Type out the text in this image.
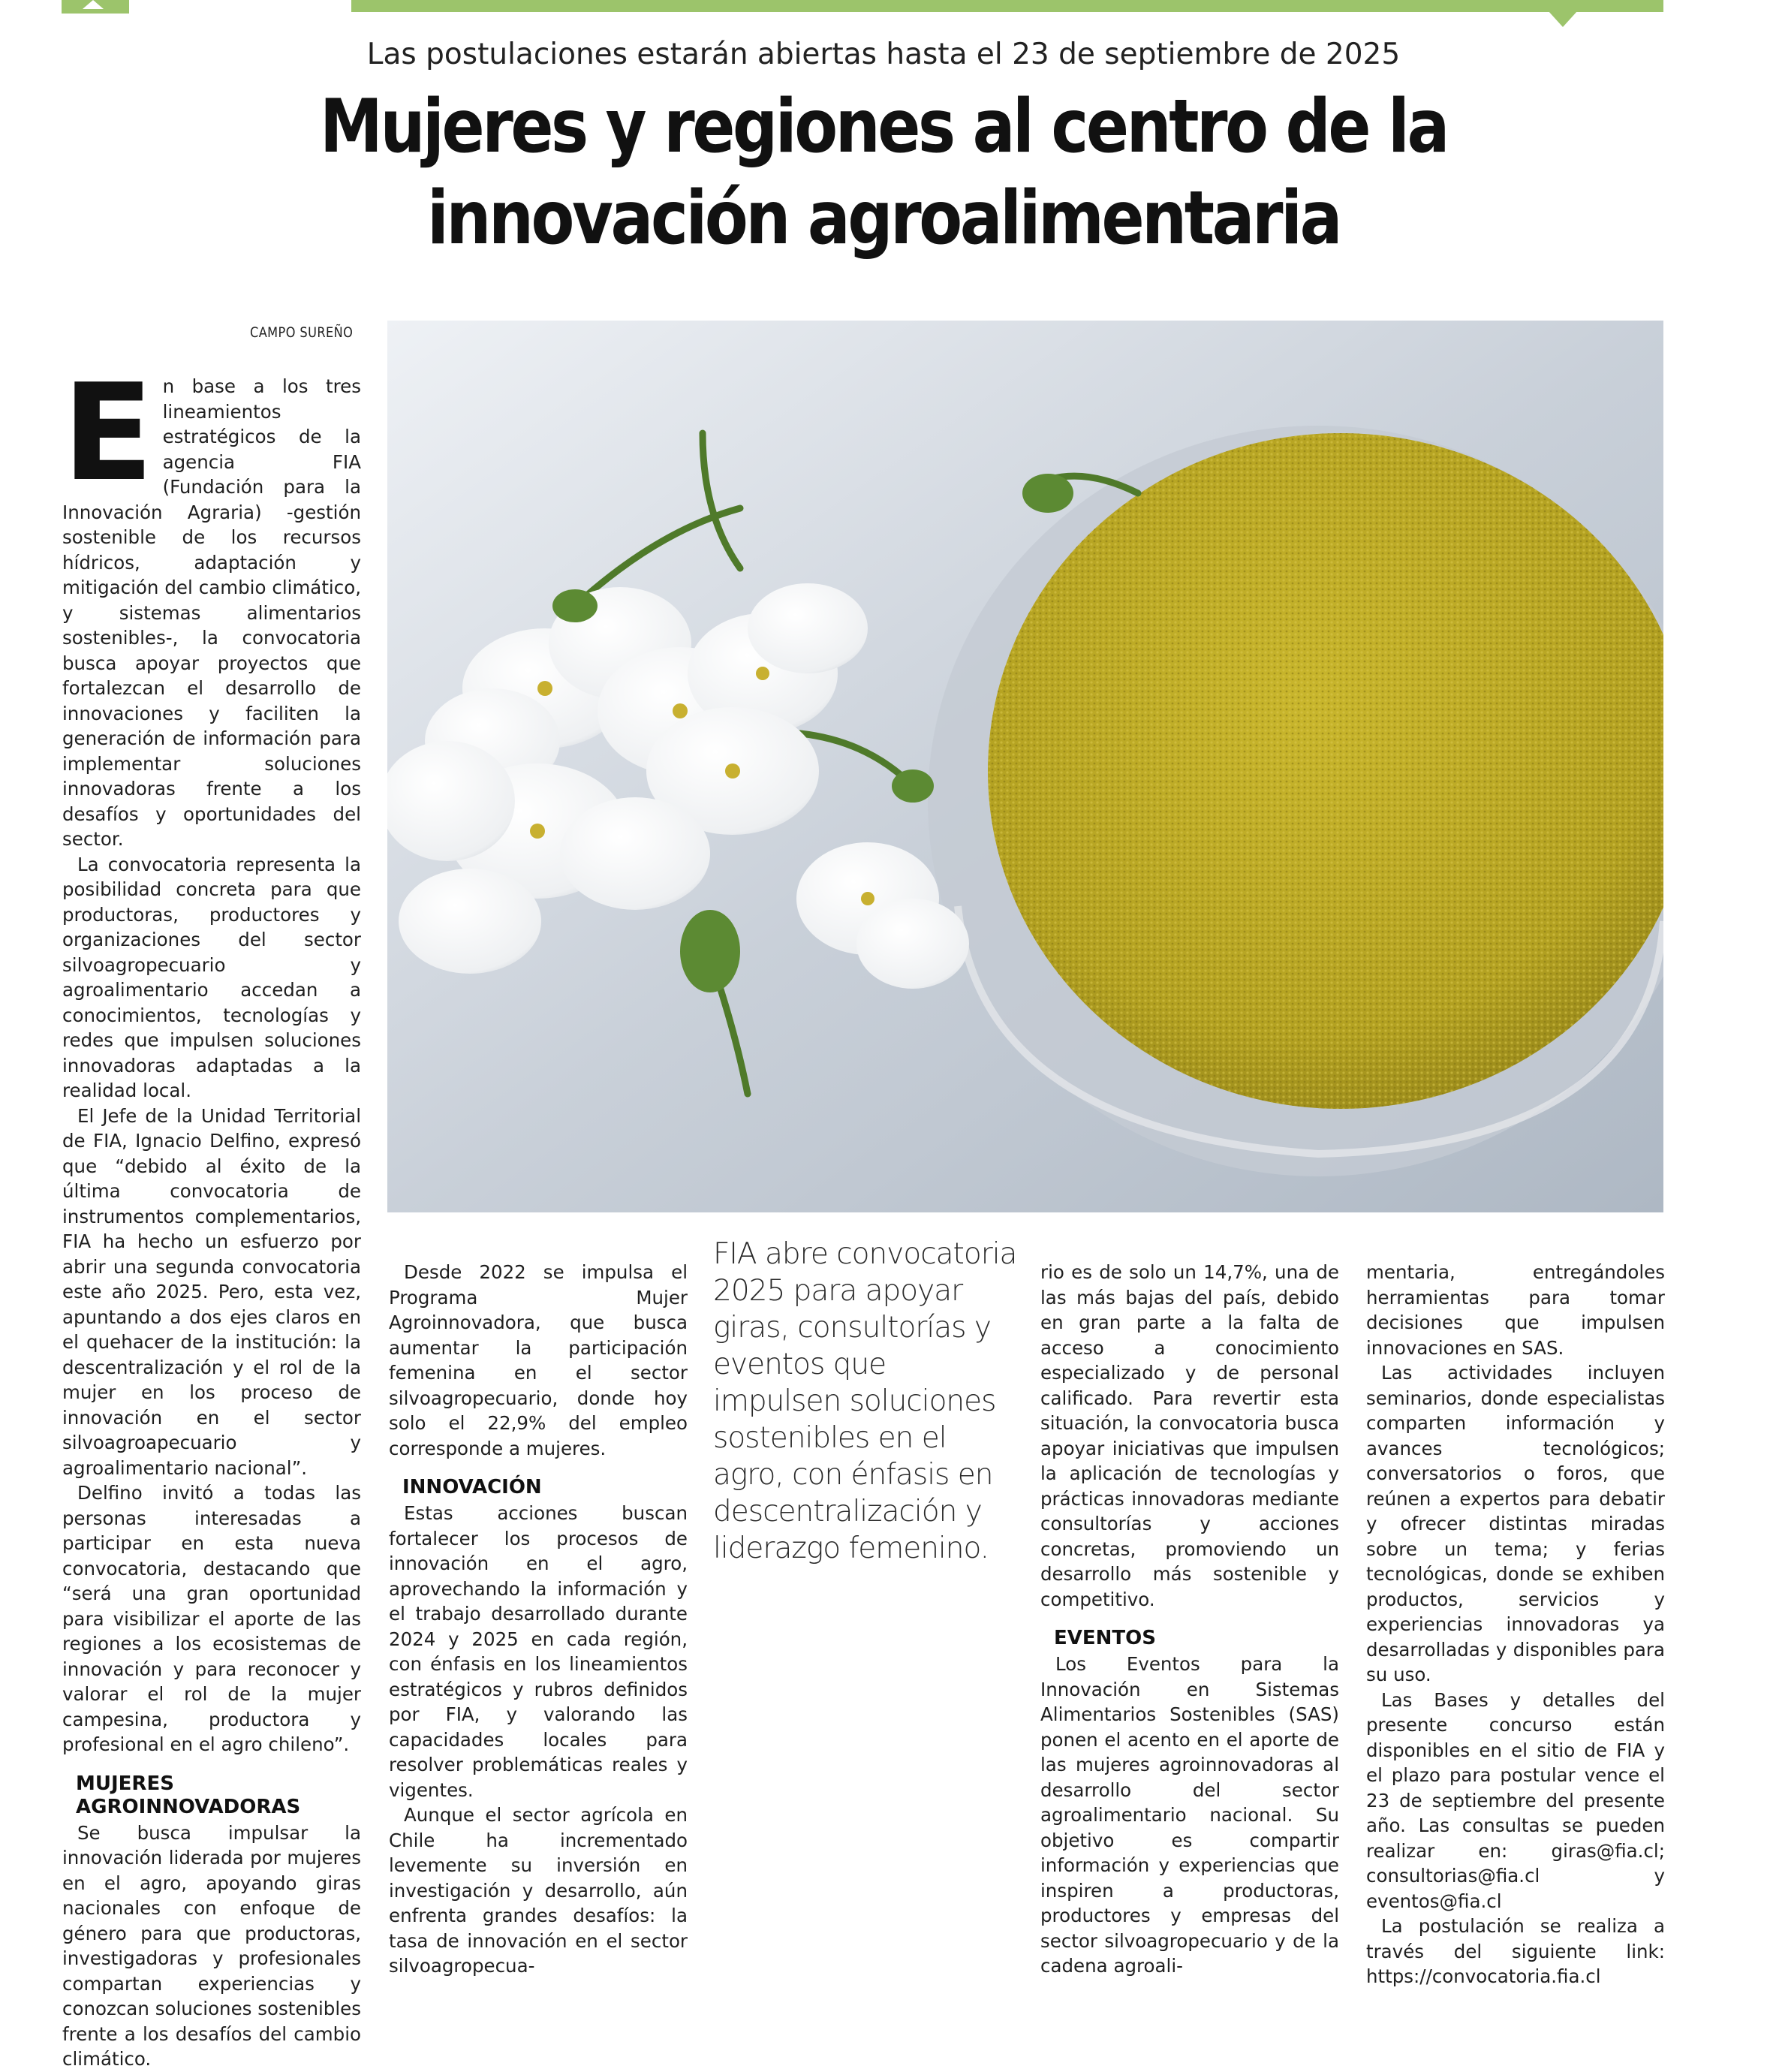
Las postulaciones estarán abiertas hasta el 23 de septiembre de 2025
Mujeres y regiones al centro de la innovación agroalimentaria
CAMPO SUREÑO
E n base a los tres lineamientos estratégicos de la agencia FIA (Fundación para la Innovación Agraria) -gestión sostenible de los recursos hídricos, adaptación y mitigación del cambio climático, y sistemas alimentarios sostenibles-, la convocatoria busca apoyar proyectos que fortalezcan el desarrollo de innovaciones y faciliten la generación de información para implementar soluciones innovadoras frente a los desafíos y oportunidades del sector.

La convocatoria representa la posibilidad concreta para que productoras, productores y organizaciones del sector silvoagropecuario y agroalimentario accedan a conocimientos, tecnologías y redes que impulsen soluciones innovadoras adaptadas a la realidad local.

El Jefe de la Unidad Territorial de FIA, Ignacio Delfino, expresó que “debido al éxito de la última convocatoria de instrumentos complementarios, FIA ha hecho un esfuerzo por abrir una segunda convocatoria este año 2025. Pero, esta vez, apuntando a dos ejes claros en el quehacer de la institución: la descentralización y el rol de la mujer en los proceso de innovación en el sector silvoagroapecuario y agroalimentario nacional”.

Delfino invitó a todas las personas interesadas a participar en esta nueva convocatoria, destacando que “será una gran oportunidad para visibilizar el aporte de las regiones a los ecosistemas de innovación y para reconocer y valorar el rol de la mujer campesina, productora y profesional en el agro chileno”.

MUJERES AGROINNOVADORAS

Se busca impulsar la innovación liderada por mujeres en el agro, apoyando giras nacionales con enfoque de género para que productoras, investigadoras y profesionales compartan experiencias y conozcan soluciones sostenibles frente a los desafíos del cambio climático.

Desde 2022 se impulsa el Programa Mujer Agroinnovadora, que busca aumentar la participación femenina en el sector silvoagropecuario, donde hoy solo el 22,9% del empleo corresponde a mujeres.

INNOVACIÓN

Estas acciones buscan fortalecer los procesos de innovación en el agro, aprovechando la información y el trabajo desarrollado durante 2024 y 2025 en cada región, con énfasis en los lineamientos estratégicos y rubros definidos por FIA, y valorando las capacidades locales para resolver problemáticas reales y vigentes.

Aunque el sector agrícola en Chile ha incrementado levemente su inversión en investigación y desarrollo, aún enfrenta grandes desafíos: la tasa de innovación en el sector silvoagropecua-

FIA abre convocatoria 2025 para apoyar giras, consultorías y eventos que impulsen soluciones sostenibles en el agro, con énfasis en descentralización y liderazgo femenino.

rio es de solo un 14,7%, una de las más bajas del país, debido en gran parte a la falta de acceso a conocimiento especializado y de personal calificado. Para revertir esta situación, la convocatoria busca apoyar iniciativas que impulsen la aplicación de tecnologías y prácticas innovadoras mediante consultorías y acciones concretas, promoviendo un desarrollo más sostenible y competitivo.

EVENTOS

Los Eventos para la Innovación en Sistemas Alimentarios Sostenibles (SAS) ponen el acento en el aporte de las mujeres agroinnovadoras al desarrollo del sector agroalimentario nacional. Su objetivo es compartir información y experiencias que inspiren a productoras, productores y empresas del sector silvoagropecuario y de la cadena agroali-

mentaria, entregándoles herramientas para tomar decisiones que impulsen innovaciones en SAS.

Las actividades incluyen seminarios, donde especialistas comparten información y avances tecnológicos; conversatorios o foros, que reúnen a expertos para debatir y ofrecer distintas miradas sobre un tema; y ferias tecnológicas, donde se exhiben productos, servicios y experiencias innovadoras ya desarrolladas y disponibles para su uso.

Las Bases y detalles del presente concurso están disponibles en el sitio de FIA y el plazo para postular vence el 23 de septiembre del presente año. Las consultas se pueden realizar en: giras@fia.cl; consultorias@fia.cl y eventos@fia.cl

La postulación se realiza a través del siguiente link: https://convocatoria.fia.cl
